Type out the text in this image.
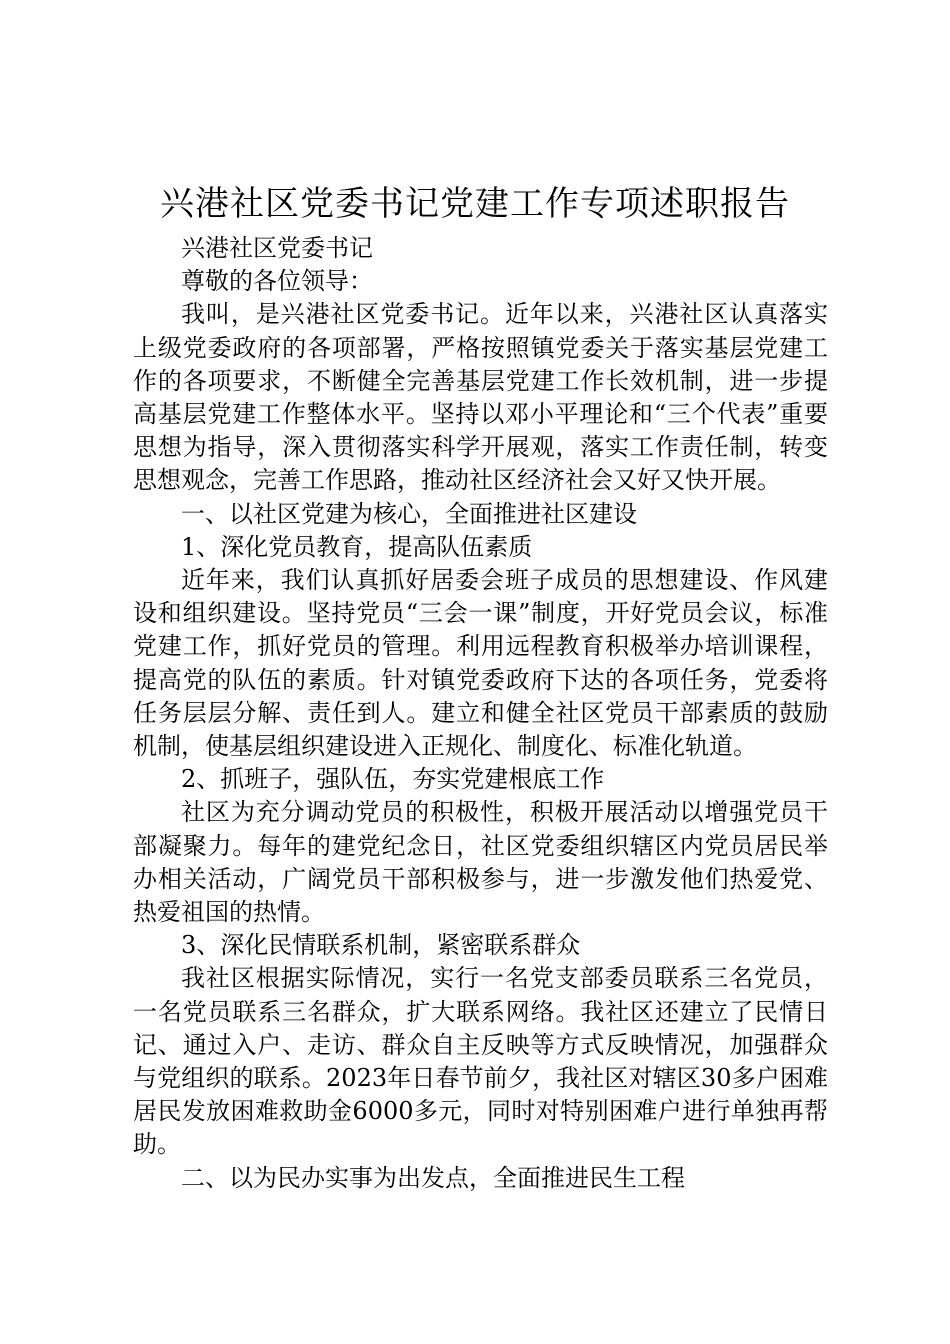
兴港社区党委书记党建工作专项述职报告

兴港社区党委书记

尊敬的各位领导：

我叫，是兴港社区党委书记。近年以来，兴港社区认真落实上级党委政府的各项部署，严格按照镇党委关于落实基层党建工作的各项要求，不断健全完善基层党建工作长效机制，进一步提高基层党建工作整体水平。坚持以邓小平理论和“三个代表”重要思想为指导，深入贯彻落实科学开展观，落实工作责任制，转变思想观念，完善工作思路，推动社区经济社会又好又快开展。

一、以社区党建为核心，全面推进社区建设

1、深化党员教育，提高队伍素质

近年来，我们认真抓好居委会班子成员的思想建设、作风建设和组织建设。坚持党员“三会一课”制度，开好党员会议，标准党建工作，抓好党员的管理。利用远程教育积极举办培训课程，提高党的队伍的素质。针对镇党委政府下达的各项任务，党委将任务层层分解、责任到人。建立和健全社区党员干部素质的鼓励机制，使基层组织建设进入正规化、制度化、标准化轨道。

2、抓班子，强队伍，夯实党建根底工作

社区为充分调动党员的积极性，积极开展活动以增强党员干部凝聚力。每年的建党纪念日，社区党委组织辖区内党员居民举办相关活动，广阔党员干部积极参与，进一步激发他们热爱党、热爱祖国的热情。

3、深化民情联系机制，紧密联系群众

我社区根据实际情况，实行一名党支部委员联系三名党员，一名党员联系三名群众，扩大联系网络。我社区还建立了民情日记、通过入户、走访、群众自主反映等方式反映情况，加强群众与党组织的联系。2023年日春节前夕，我社区对辖区30多户困难居民发放困难救助金6000多元，同时对特别困难户进行单独再帮助。

二、以为民办实事为出发点，全面推进民生工程
